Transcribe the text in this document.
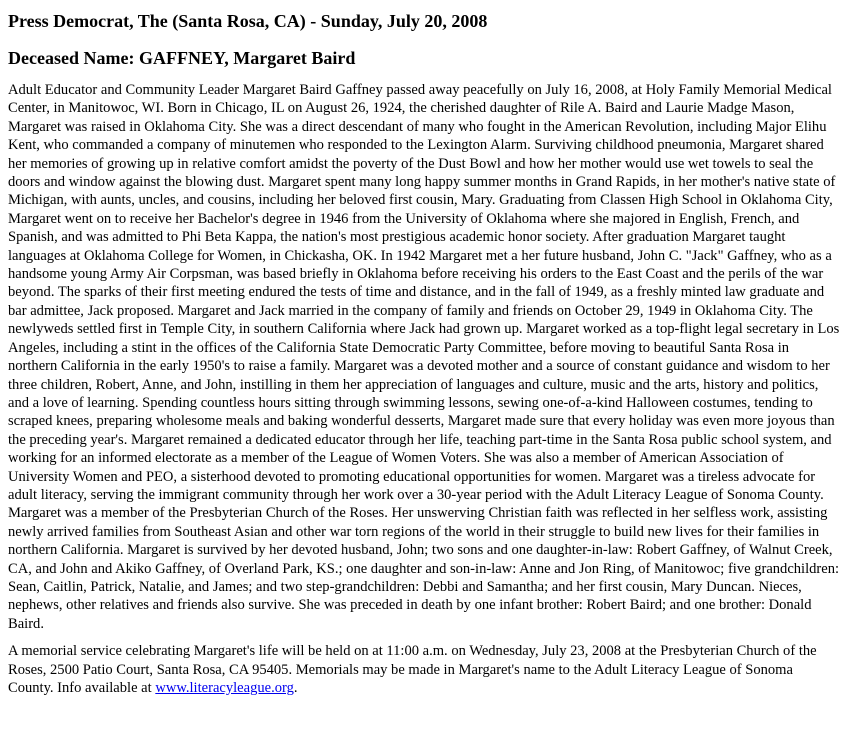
Press Democrat, The (Santa Rosa, CA) - Sunday, July 20, 2008
Deceased Name: GAFFNEY, Margaret Baird

Adult Educator and Community Leader Margaret Baird Gaffney passed away peacefully on July 16, 2008, at Holy Family Memorial Medical Center, in Manitowoc, WI. Born in Chicago, IL on August 26, 1924, the cherished daughter of Rile A. Baird and Laurie Madge Mason, Margaret was raised in Oklahoma City. She was a direct descendant of many who fought in the American Revolution, including Major Elihu Kent, who commanded a company of minutemen who responded to the Lexington Alarm. Surviving childhood pneumonia, Margaret shared her memories of growing up in relative comfort amidst the poverty of the Dust Bowl and how her mother would use wet towels to seal the doors and window against the blowing dust. Margaret spent many long happy summer months in Grand Rapids, in her mother's native state of Michigan, with aunts, uncles, and cousins, including her beloved first cousin, Mary. Graduating from Classen High School in Oklahoma City, Margaret went on to receive her Bachelor's degree in 1946 from the University of Oklahoma where she majored in English, French, and Spanish, and was admitted to Phi Beta Kappa, the nation's most prestigious academic honor society. After graduation Margaret taught languages at Oklahoma College for Women, in Chickasha, OK. In 1942 Margaret met a her future husband, John C. "Jack" Gaffney, who as a handsome young Army Air Corpsman, was based briefly in Oklahoma before receiving his orders to the East Coast and the perils of the war beyond. The sparks of their first meeting endured the tests of time and distance, and in the fall of 1949, as a freshly minted law graduate and bar admittee, Jack proposed. Margaret and Jack married in the company of family and friends on October 29, 1949 in Oklahoma City. The newlyweds settled first in Temple City, in southern California where Jack had grown up. Margaret worked as a top-flight legal secretary in Los Angeles, including a stint in the offices of the California State Democratic Party Committee, before moving to beautiful Santa Rosa in northern California in the early 1950's to raise a family. Margaret was a devoted mother and a source of constant guidance and wisdom to her three children, Robert, Anne, and John, instilling in them her appreciation of languages and culture, music and the arts, history and politics, and a love of learning. Spending countless hours sitting through swimming lessons, sewing one-of-a-kind Halloween costumes, tending to scraped knees, preparing wholesome meals and baking wonderful desserts, Margaret made sure that every holiday was even more joyous than the preceding year's. Margaret remained a dedicated educator through her life, teaching part-time in the Santa Rosa public school system, and working for an informed electorate as a member of the League of Women Voters. She was also a member of American Association of University Women and PEO, a sisterhood devoted to promoting educational opportunities for women. Margaret was a tireless advocate for adult literacy, serving the immigrant community through her work over a 30-year period with the Adult Literacy League of Sonoma County. Margaret was a member of the Presbyterian Church of the Roses. Her unswerving Christian faith was reflected in her selfless work, assisting newly arrived families from Southeast Asian and other war torn regions of the world in their struggle to build new lives for their families in northern California. Margaret is survived by her devoted husband, John; two sons and one daughter-in-law: Robert Gaffney, of Walnut Creek, CA, and John and Akiko Gaffney, of Overland Park, KS.; one daughter and son-in-law: Anne and Jon Ring, of Manitowoc; five grandchildren: Sean, Caitlin, Patrick, Natalie, and James; and two step-grandchildren: Debbi and Samantha; and her first cousin, Mary Duncan. Nieces, nephews, other relatives and friends also survive. She was preceded in death by one infant brother: Robert Baird; and one brother: Donald Baird.

A memorial service celebrating Margaret's life will be held on at 11:00 a.m. on Wednesday, July 23, 2008 at the Presbyterian Church of the Roses, 2500 Patio Court, Santa Rosa, CA 95405. Memorials may be made in Margaret's name to the Adult Literacy League of Sonoma County. Info available at www.literacyleague.org.
